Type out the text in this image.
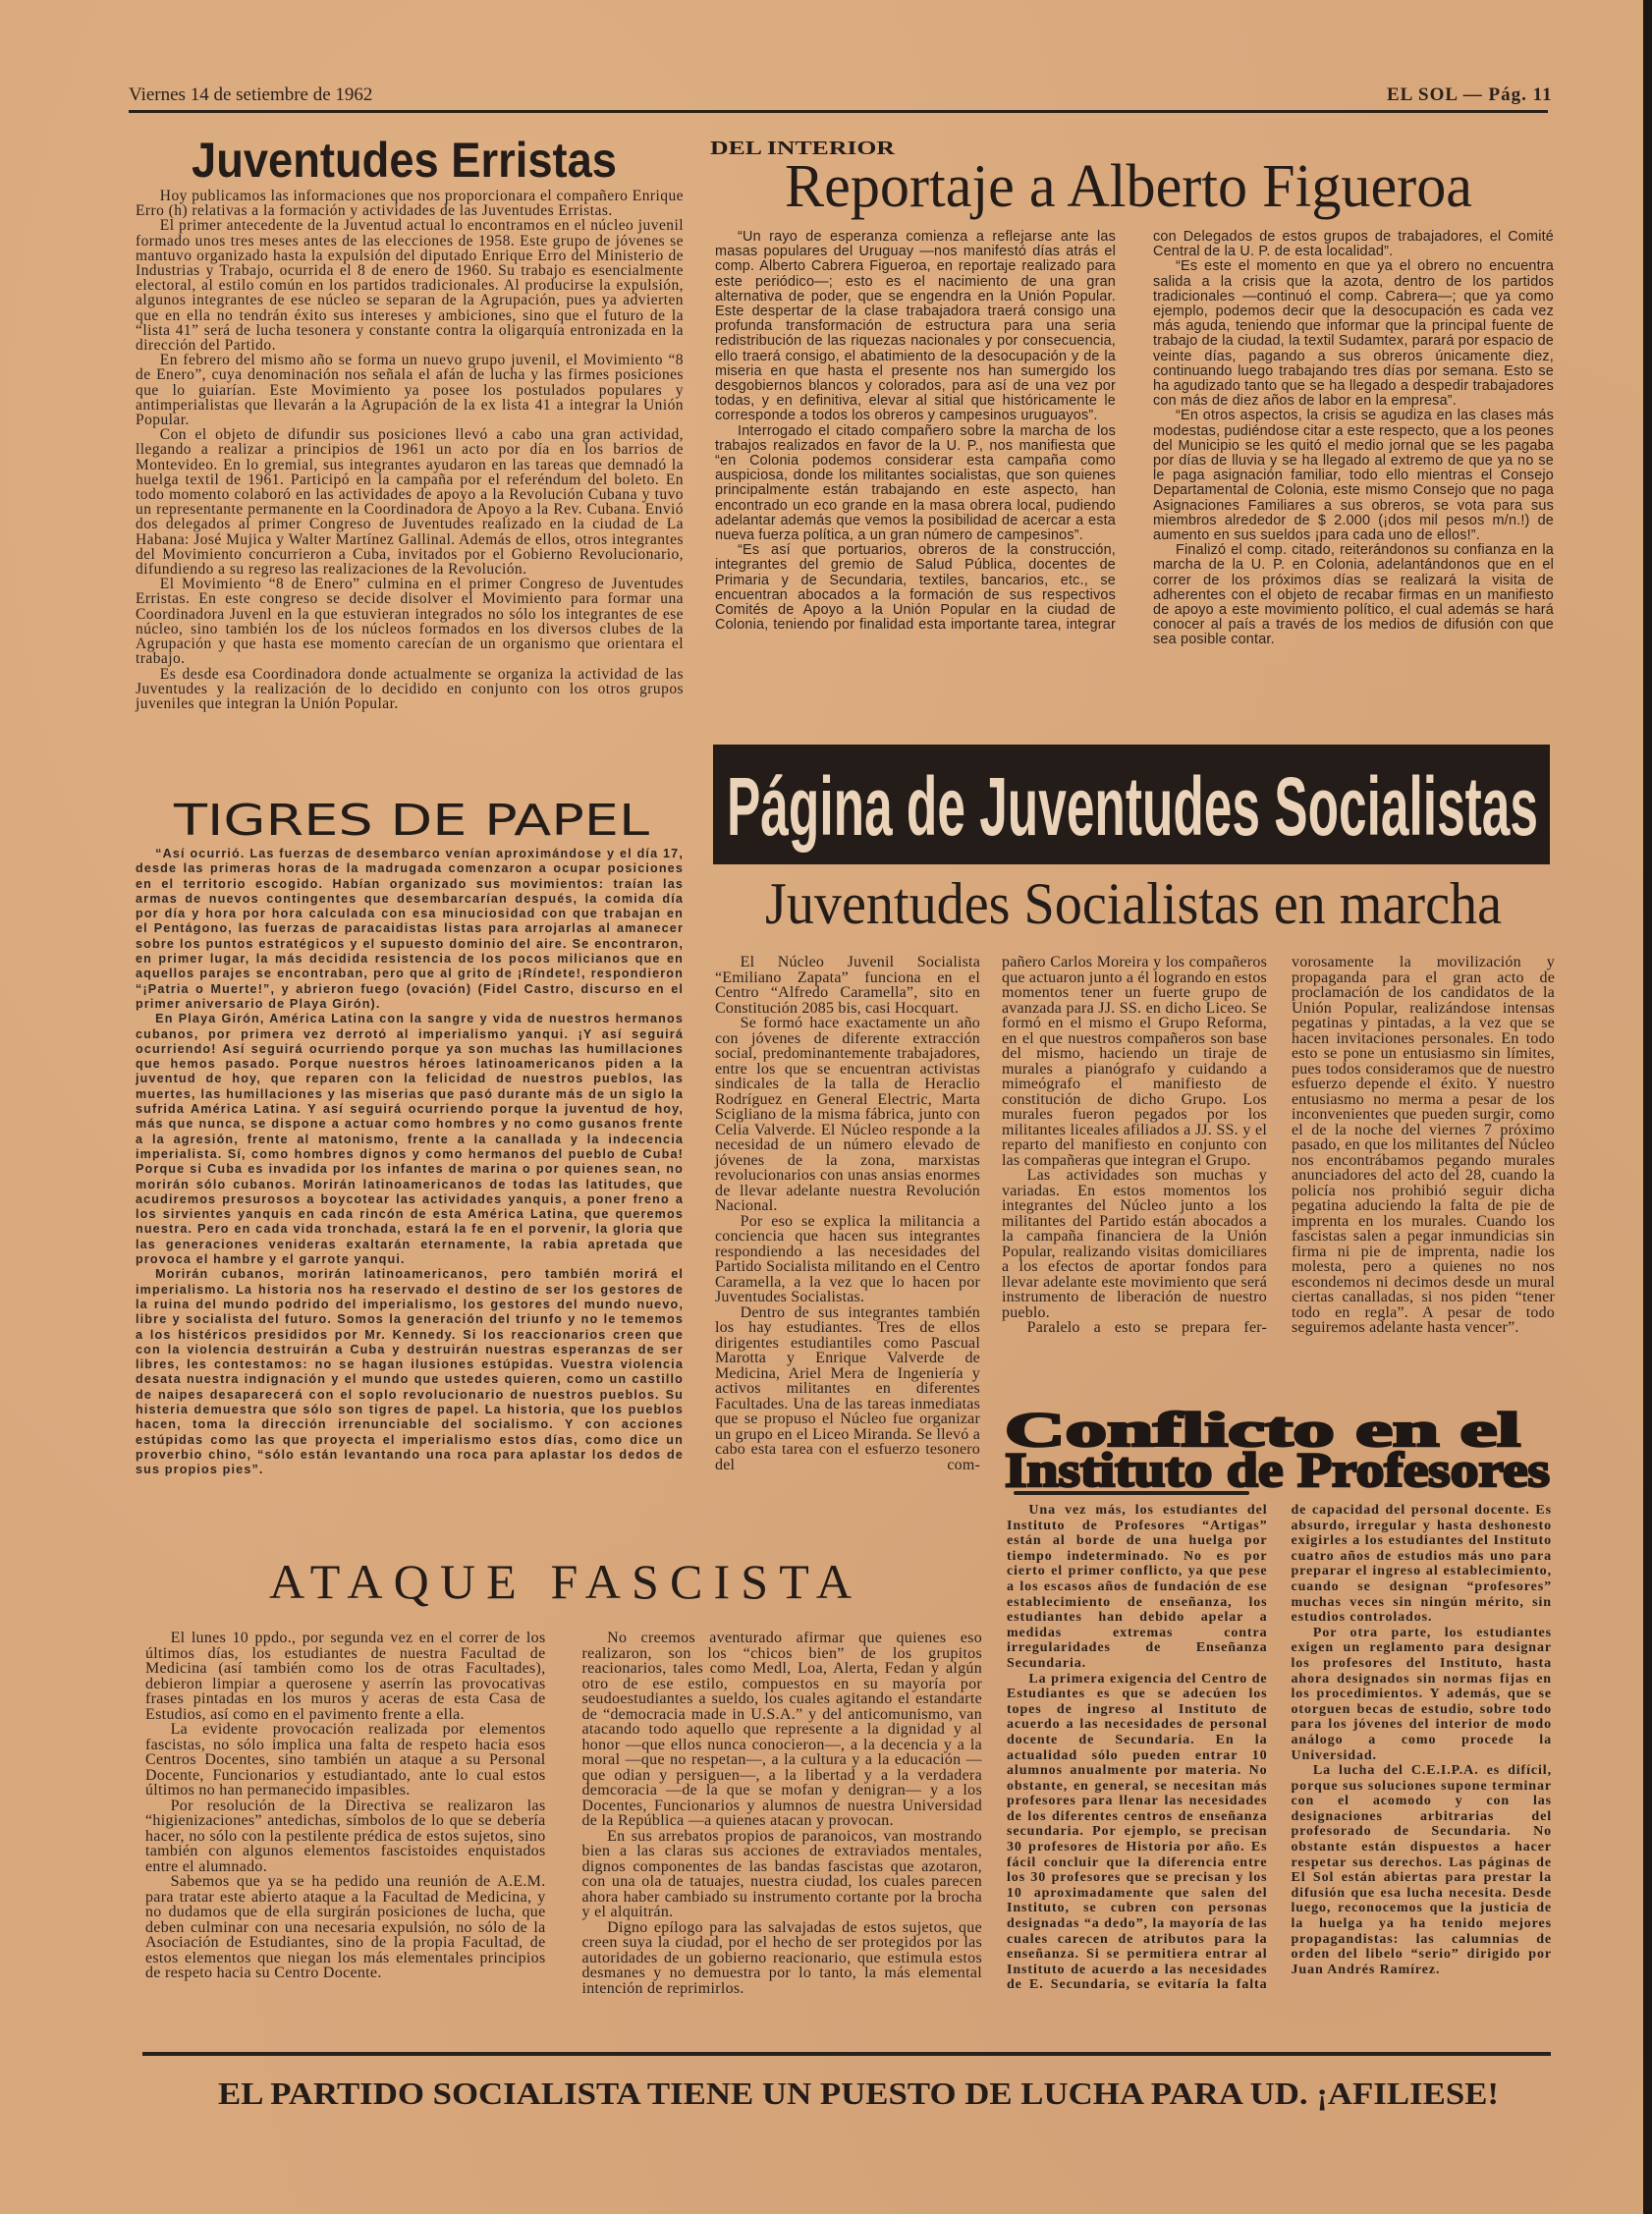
Viernes 14 de setiembre de 1962	EL SOL — Pág. 11

Hoy publicamos las informaciones que nos proporcionara el compañero Enrique Erro (h) relativas a la formación y actividades de las Juventudes Erristas.

El primer antecedente de la Juventud actual lo encontramos en el núcleo juvenil formado unos tres meses antes de las elecciones de 1958. Este grupo de jóvenes se mantuvo organizado hasta la expulsión del diputado Enrique Erro del Ministerio de Industrias y Trabajo, ocurrida el 8 de enero de 1960. Su trabajo es esencialmente electoral, al estilo común en los partidos tradicionales. Al producirse la expulsión, algunos integrantes de ese núcleo se separan de la Agrupación, pues ya advierten que en ella no tendrán éxito sus intereses y ambiciones, sino que el futuro de la “lista 41” será de lucha tesonera y constante contra la oligarquía entronizada en la dirección del Partido.

En febrero del mismo año se forma un nuevo grupo juvenil, el Movimiento “8 de Enero”, cuya denominación nos señala el afán de lucha y las firmes posiciones que lo guiarían. Este Movimiento ya posee los postulados populares y antimperialistas que llevarán a la Agrupación de la ex lista 41 a integrar la Unión Popular.

Con el objeto de difundir sus posiciones llevó a cabo una gran actividad, llegando a realizar a principios de 1961 un acto por día en los barrios de Montevideo. En lo gremial, sus integrantes ayudaron en las tareas que demnadó la huelga textil de 1961. Participó en la campaña por el referéndum del boleto. En todo momento colaboró en las actividades de apoyo a la Revolución Cubana y tuvo un representante permanente en la Coordinadora de Apoyo a la Rev. Cubana. Envió dos delegados al primer Congreso de Juventudes realizado en la ciudad de La Habana: José Mujica y Walter Martínez Gallinal. Además de ellos, otros integrantes del Movimiento concurrieron a Cuba, invitados por el Gobierno Revolucionario, difundiendo a su regreso las realizaciones de la Revolución.

El Movimiento “8 de Enero” culmina en el primer Congreso de Juventudes Erristas. En este congreso se decide disolver el Movimiento para formar una Coordinadora Juvenl en la que estuvieran integrados no sólo los integrantes de ese núcleo, sino también los de los núcleos formados en los diversos clubes de la Agrupación y que hasta ese momento carecían de un organismo que orientara el trabajo.

Es desde esa Coordinadora donde actualmente se organiza la actividad de las Juventudes y la realización de lo decidido en conjunto con los otros grupos juveniles que integran la Unión Popular.

“Así ocurrió. Las fuerzas de desembarco venían aproximándose y el día 17, desde las primeras horas de la madrugada comenzaron a ocupar posiciones en el territorio escogido. Habían organizado sus movimientos: traían las armas de nuevos contingentes que desembarcarían después, la comida día por día y hora por hora calculada con esa minuciosidad con que trabajan en el Pentágono, las fuerzas de paracaidistas listas para arrojarlas al amanecer sobre los puntos estratégicos y el supuesto dominio del aire. Se encontraron, en primer lugar, la más decidida resistencia de los pocos milicianos que en aquellos parajes se encontraban, pero que al grito de ¡Ríndete!, respondieron “¡Patria o Muerte!”, y abrieron fuego (ovación) (Fidel Castro, discurso en el primer aniversario de Playa Girón).

En Playa Girón, América Latina con la sangre y vida de nuestros hermanos cubanos, por primera vez derrotó al imperialismo yanqui. ¡Y así seguirá ocurriendo! Así seguirá ocurriendo porque ya son muchas las humillaciones que hemos pasado. Porque nuestros héroes latinoamericanos piden a la juventud de hoy, que reparen con la felicidad de nuestros pueblos, las muertes, las humillaciones y las miserias que pasó durante más de un siglo la sufrida América Latina. Y así seguirá ocurriendo porque la juventud de hoy, más que nunca, se dispone a actuar como hombres y no como gusanos frente a la agresión, frente al matonismo, frente a la canallada y la indecencia imperialista. Sí, como hombres dignos y como hermanos del pueblo de Cuba! Porque si Cuba es invadida por los infantes de marina o por quienes sean, no morirán sólo cubanos. Morirán latinoamericanos de todas las latitudes, que acudiremos presurosos a boycotear las actividades yanquis, a poner freno a los sirvientes yanquis en cada rincón de esta América Latina, que queremos nuestra. Pero en cada vida tronchada, estará la fe en el porvenir, la gloria que las generaciones venideras exaltarán eternamente, la rabia apretada que provoca el hambre y el garrote yanqui.

Morirán cubanos, morirán latinoamericanos, pero también morirá el imperialismo. La historia nos ha reservado el destino de ser los gestores de la ruina del mundo podrido del imperialismo, los gestores del mundo nuevo, libre y socialista del futuro. Somos la generación del triunfo y no le tememos a los histéricos presididos por Mr. Kennedy. Si los reaccionarios creen que con la violencia destruirán a Cuba y destruirán nuestras esperanzas de ser libres, les contestamos: no se hagan ilusiones estúpidas. Vuestra violencia desata nuestra indignación y el mundo que ustedes quieren, como un castillo de naipes desaparecerá con el soplo revolucionario de nuestros pueblos. Su histeria demuestra que sólo son tigres de papel. La historia, que los pueblos hacen, toma la dirección irrenunciable del socialismo. Y con acciones estúpidas como las que proyecta el imperialismo estos días, como dice un proverbio chino, “sólo están levantando una roca para aplastar los dedos de sus propios pies”.

“Un rayo de esperanza comienza a reflejarse ante las masas populares del Uruguay —nos manifestó días atrás el comp. Alberto Cabrera Figueroa, en reportaje realizado para este periódico—; esto es el nacimiento de una gran alternativa de poder, que se engendra en la Unión Popular. Este despertar de la clase trabajadora traerá consigo una profunda transformación de estructura para una seria redistribución de las riquezas nacionales y por consecuencia, ello traerá consigo, el abatimiento de la desocupación y de la miseria en que hasta el presente nos han sumergido los desgobiernos blancos y colorados, para así de una vez por todas, y en definitiva, elevar al sitial que históricamente le corresponde a todos los obreros y campesinos uruguayos”.

Interrogado el citado compañero sobre la marcha de los trabajos realizados en favor de la U. P., nos manifiesta que “en Colonia podemos considerar esta campaña como auspiciosa, donde los militantes socialistas, que son quienes principalmente están trabajando en este aspecto, han encontrado un eco grande en la masa obrera local, pudiendo adelantar además que vemos la posibilidad de acercar a esta nueva fuerza política, a un gran número de campesinos”.

“Es así que portuarios, obreros de la construcción, integrantes del gremio de Salud Pública, docentes de Primaria y de Secundaria, textiles, bancarios, etc., se encuentran abocados a la formación de sus respectivos Comités de Apoyo a la Unión Popular en la ciudad de Colonia, teniendo por finalidad esta importante tarea, integrar con Delegados de estos grupos de trabajadores, el Comité Central de la U. P. de esta localidad”.

“Es este el momento en que ya el obrero no encuentra salida a la crisis que la azota, dentro de los partidos tradicionales —continuó el comp. Cabrera—; que ya como ejemplo, podemos decir que la desocupación es cada vez más aguda, teniendo que informar que la principal fuente de trabajo de la ciudad, la textil Sudamtex, parará por espacio de veinte días, pagando a sus obreros únicamente diez, continuando luego trabajando tres días por semana. Esto se ha agudizado tanto que se ha llegado a despedir trabajadores con más de diez años de labor en la empresa”.

“En otros aspectos, la crisis se agudiza en las clases más modestas, pudiéndose citar a este respecto, que a los peones del Municipio se les quitó el medio jornal que se les pagaba por días de lluvia y se ha llegado al extremo de que ya no se le paga asignación familiar, todo ello mientras el Consejo Departamental de Colonia, este mismo Consejo que no paga Asignaciones Familiares a sus obreros, se vota para sus miembros alrededor de $ 2.000 (¡dos mil pesos m/n.!) de aumento en sus sueldos ¡para cada uno de ellos!”.

Finalizó el comp. citado, reiterándonos su confianza en la marcha de la U. P. en Colonia, adelantándonos que en el correr de los próximos días se realizará la visita de adherentes con el objeto de recabar firmas en un manifiesto de apoyo a este movimiento político, el cual además se hará conocer al país a través de los medios de difusión con que sea posible contar.

El Núcleo Juvenil Socialista “Emiliano Zapata” funciona en el Centro “Alfredo Caramella”, sito en Constitución 2085 bis, casi Hocquart.

Se formó hace exactamente un año con jóvenes de diferente extracción social, predominantemente trabajadores, entre los que se encuentran activistas sindicales de la talla de Heraclio Rodríguez en General Electric, Marta Scigliano de la misma fábrica, junto con Celia Valverde. El Núcleo responde a la necesidad de un número elevado de jóvenes de la zona, marxistas revolucionarios con unas ansias enormes de llevar adelante nuestra Revolución Nacional.

Por eso se explica la militancia a conciencia que hacen sus integrantes respondiendo a las necesidades del Partido Socialista militando en el Centro Caramella, a la vez que lo hacen por Juventudes Socialistas.

Dentro de sus integrantes también los hay estudiantes. Tres de ellos dirigentes estudiantiles como Pascual Marotta y Enrique Valverde de Medicina, Ariel Mera de Ingeniería y activos militantes en diferentes Facultades. Una de las tareas inmediatas que se propuso el Núcleo fue organizar un grupo en el Liceo Miranda. Se llevó a cabo esta tarea con el esfuerzo tesonero del com-

pañero Carlos Moreira y los compañeros que actuaron junto a él logrando en estos momentos tener un fuerte grupo de avanzada para JJ. SS. en dicho Liceo. Se formó en el mismo el Grupo Reforma, en el que nuestros compañeros son base del mismo, haciendo un tiraje de murales a pianógrafo y cuidando a mimeógrafo el manifiesto de constitución de dicho Grupo. Los murales fueron pegados por los militantes liceales afiliados a JJ. SS. y el reparto del manifiesto en conjunto con las compañeras que integran el Grupo.

Las actividades son muchas y variadas. En estos momentos los integrantes del Núcleo junto a los militantes del Partido están abocados a la campaña financiera de la Unión Popular, realizando visitas domiciliares a los efectos de aportar fondos para llevar adelante este movimiento que será instrumento de liberación de nuestro pueblo.

Paralelo a esto se prepara fer-

vorosamente la movilización y propaganda para el gran acto de proclamación de los candidatos de la Unión Popular, realizándose intensas pegatinas y pintadas, a la vez que se hacen invitaciones personales. En todo esto se pone un entusiasmo sin límites, pues todos consideramos que de nuestro esfuerzo depende el éxito. Y nuestro entusiasmo no merma a pesar de los inconvenientes que pueden surgir, como el de la noche del viernes 7 próximo pasado, en que los militantes del Núcleo nos encontrábamos pegando murales anunciadores del acto del 28, cuando la policía nos prohibió seguir dicha pegatina aduciendo la falta de pie de imprenta en los murales. Cuando los fascistas salen a pegar inmundicias sin firma ni pie de imprenta, nadie los molesta, pero a quienes no nos escondemos ni decimos desde un mural ciertas canalladas, si nos piden “tener todo en regla”. A pesar de todo seguiremos adelante hasta vencer”.

Una vez más, los estudiantes del Instituto de Profesores “Artigas” están al borde de una huelga por tiempo indeterminado. No es por cierto el primer conflicto, ya que pese a los escasos años de fundación de ese establecimiento de enseñanza, los estudiantes han debido apelar a medidas extremas contra irregularidades de Enseñanza Secundaria.

La primera exigencia del Centro de Estudiantes es que se adecúen los topes de ingreso al Instituto de acuerdo a las necesidades de personal docente de Secundaria. En la actualidad sólo pueden entrar 10 alumnos anualmente por materia. No obstante, en general, se necesitan más profesores para llenar las necesidades de los diferentes centros de enseñanza secundaria. Por ejemplo, se precisan 30 profesores de Historia por año. Es fácil concluir que la diferencia entre los 30 profesores que se precisan y los 10 aproximadamente que salen del Instituto, se cubren con personas designadas “a dedo”, la mayoría de las cuales carecen de atributos para la enseñanza. Si se permitiera entrar al Instituto de acuerdo a las necesidades de E. Secundaria, se evitaría la falta de capacidad del personal docente. Es absurdo, irregular y hasta deshonesto exigirles a los estudiantes del Instituto cuatro años de estudios más uno para preparar el ingreso al establecimiento, cuando se designan “profesores” muchas veces sin ningún mérito, sin estudios controlados.

Por otra parte, los estudiantes exigen un reglamento para designar los profesores del Instituto, hasta ahora designados sin normas fijas en los procedimientos. Y además, que se otorguen becas de estudio, sobre todo para los jóvenes del interior de modo análogo a como procede la Universidad.

La lucha del C.E.I.P.A. es difícil, porque sus soluciones supone terminar con el acomodo y con las designaciones arbitrarias del profesorado de Secundaria. No obstante están dispuestos a hacer respetar sus derechos. Las páginas de El Sol están abiertas para prestar la difusión que esa lucha necesita. Desde luego, reconocemos que la justicia de la huelga ya ha tenido mejores propagandistas: las calumnias de orden del libelo “serio” dirigido por Juan Andrés Ramírez.

El lunes 10 ppdo., por segunda vez en el correr de los últimos días, los estudiantes de nuestra Facultad de Medicina (así también como los de otras Facultades), debieron limpiar a querosene y aserrín las provocativas frases pintadas en los muros y aceras de esta Casa de Estudios, así como en el pavimento frente a ella.

La evidente provocación realizada por elementos fascistas, no sólo implica una falta de respeto hacia esos Centros Docentes, sino también un ataque a su Personal Docente, Funcionarios y estudiantado, ante lo cual estos últimos no han permanecido impasibles.

Por resolución de la Directiva se realizaron las “higienizaciones” antedichas, símbolos de lo que se debería hacer, no sólo con la pestilente prédica de estos sujetos, sino también con algunos elementos fascistoides enquistados entre el alumnado.

Sabemos que ya se ha pedido una reunión de A.E.M. para tratar este abierto ataque a la Facultad de Medicina, y no dudamos que de ella surgirán posiciones de lucha, que deben culminar con una necesaria expulsión, no sólo de la Asociación de Estudiantes, sino de la propia Facultad, de estos elementos que niegan los más elementales principios de respeto hacia su Centro Docente.

No creemos aventurado afirmar que quienes eso realizaron, son los “chicos bien” de los grupitos reacionarios, tales como Medl, Loa, Alerta, Fedan y algún otro de ese estilo, compuestos en su mayoría por seudoestudiantes a sueldo, los cuales agitando el estandarte de “democracia made in U.S.A.” y del anticomunismo, van atacando todo aquello que represente a la dignidad y al honor —que ellos nunca conocieron—, a la decencia y a la moral —que no respetan—, a la cultura y a la educación —que odian y persiguen—, a la libertad y a la verdadera demcoracia —de la que se mofan y denigran— y a los Docentes, Funcionarios y alumnos de nuestra Universidad de la República —a quienes atacan y provocan.

En sus arrebatos propios de paranoicos, van mostrando bien a las claras sus acciones de extraviados mentales, dignos componentes de las bandas fascistas que azotaron, con una ola de tatuajes, nuestra ciudad, los cuales parecen ahora haber cambiado su instrumento cortante por la brocha y el alquitrán.

Digno epílogo para las salvajadas de estos sujetos, que creen suya la ciudad, por el hecho de ser protegidos por las autoridades de un gobierno reacionario, que estimula estos desmanes y no demuestra por lo tanto, la más elemental intención de reprimirlos.

Juventudes Erristas
TIGRES DE PAPEL
DEL INTERIOR
Reportaje a Alberto Figueroa
Página de Juventudes Socialistas
Juventudes Socialistas en marcha
Conflicto en el
Instituto de Profesores
ATAQUE FASCISTA
EL PARTIDO SOCIALISTA TIENE UN PUESTO DE LUCHA PARA UD. ¡AFILIESE!
